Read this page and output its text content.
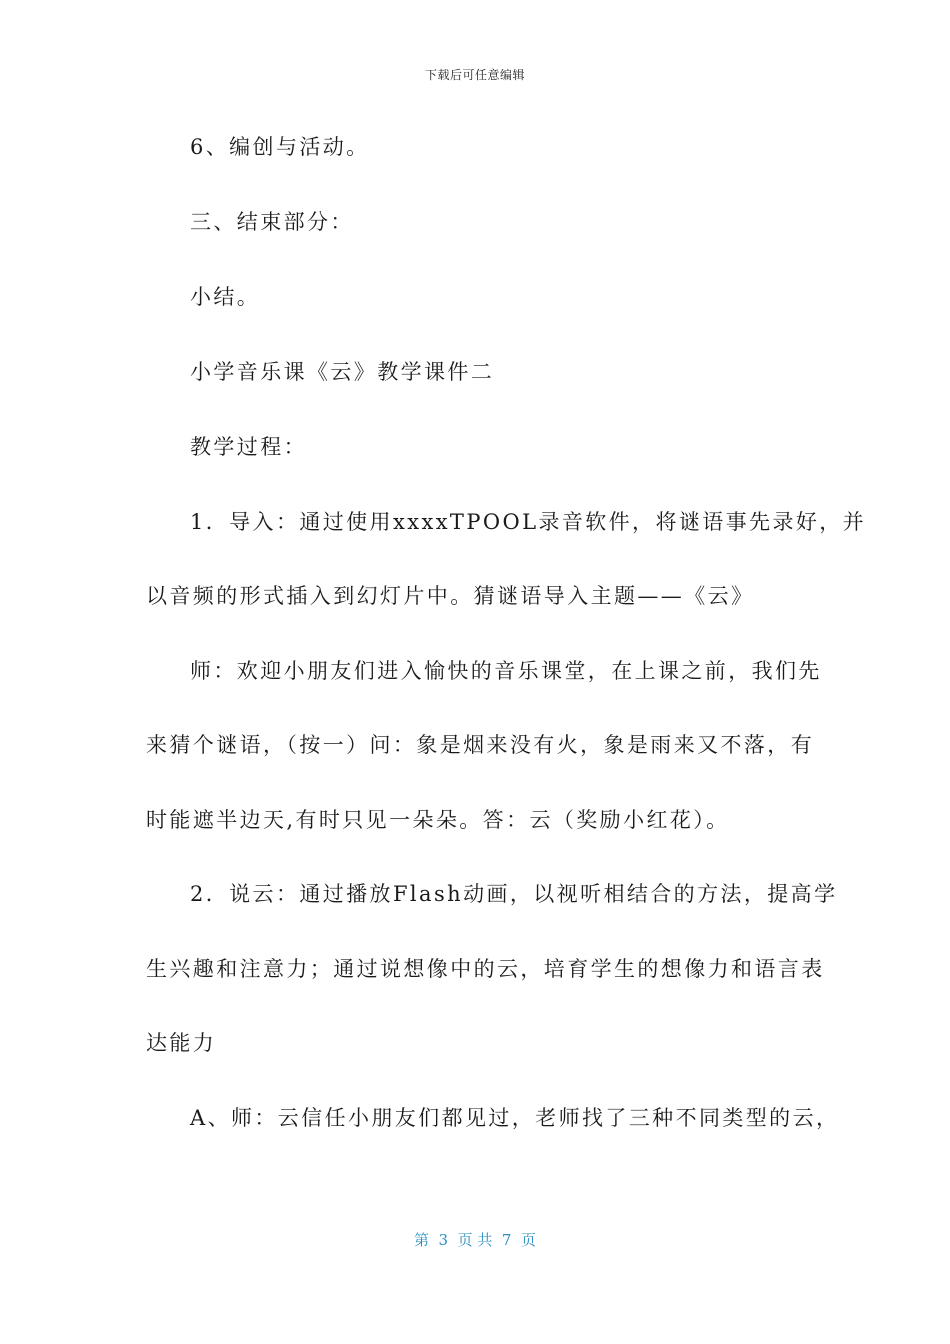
下载后可任意编辑
6、编创与活动。
三、结束部分：
小结。
小学音乐课《云》教学课件二
教学过程：
1．导入：通过使用xxxxTPOOL录音软件，将谜语事先录好，并
以音频的形式插入到幻灯片中。猜谜语导入主题——《云》
师：欢迎小朋友们进入愉快的音乐课堂，在上课之前，我们先
来猜个谜语，（按一）问：象是烟来没有火，象是雨来又不落，有
时能遮半边天,有时只见一朵朵。答：云（奖励小红花）。
2．说云：通过播放Flash动画，以视听相结合的方法，提高学
生兴趣和注意力；通过说想像中的云，培育学生的想像力和语言表
达能力
A、师：云信任小朋友们都见过，老师找了三种不同类型的云，
第  3  页 共  7  页
